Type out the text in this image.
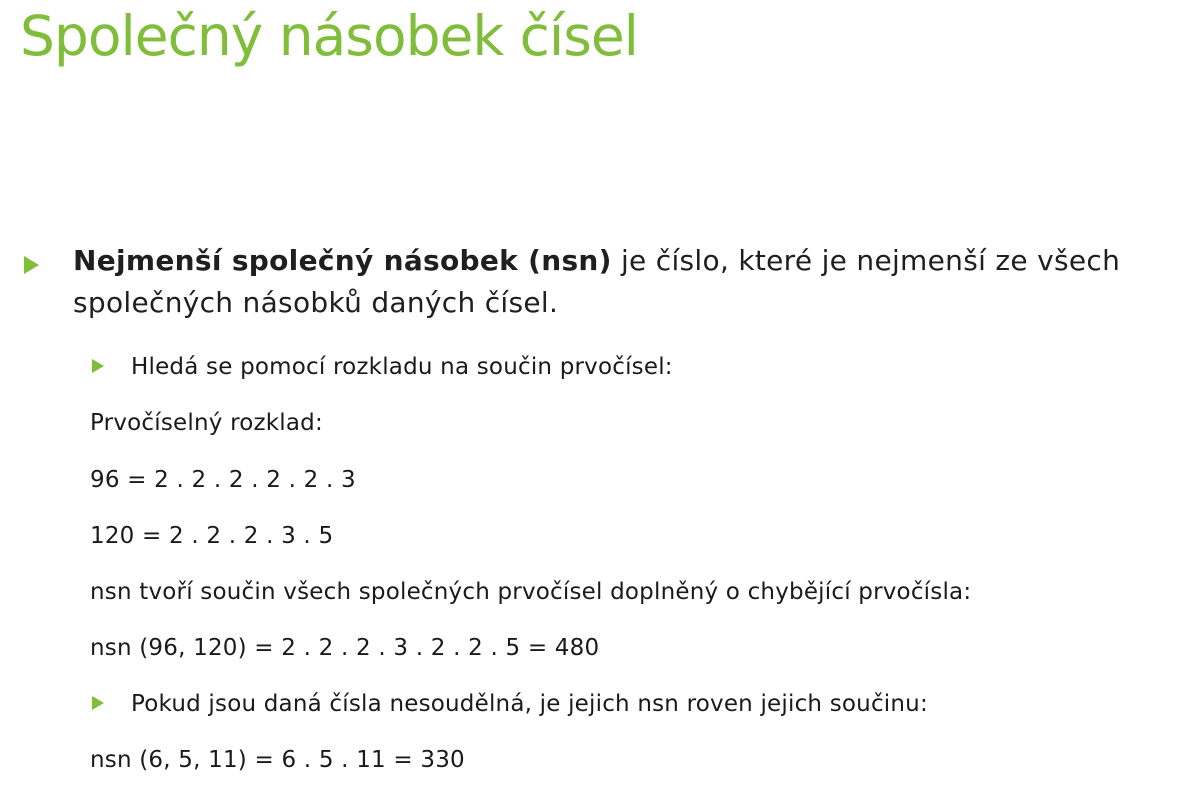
Společný násobek čísel
Nejmenší společný násobek (nsn) je číslo, které je nejmenší ze všech
společných násobků daných čísel.
Hledá se pomocí rozkladu na součin prvočísel:
Prvočíselný rozklad:
96 = 2 . 2 . 2 . 2 . 2 . 3
120 = 2 . 2 . 2 . 3 . 5
nsn tvoří součin všech společných prvočísel doplněný o chybějící prvočísla:
nsn (96, 120) = 2 . 2 . 2 . 3 . 2 . 2 . 5 = 480
Pokud jsou daná čísla nesoudělná, je jejich nsn roven jejich součinu:
nsn (6, 5, 11) = 6 . 5 . 11 = 330
